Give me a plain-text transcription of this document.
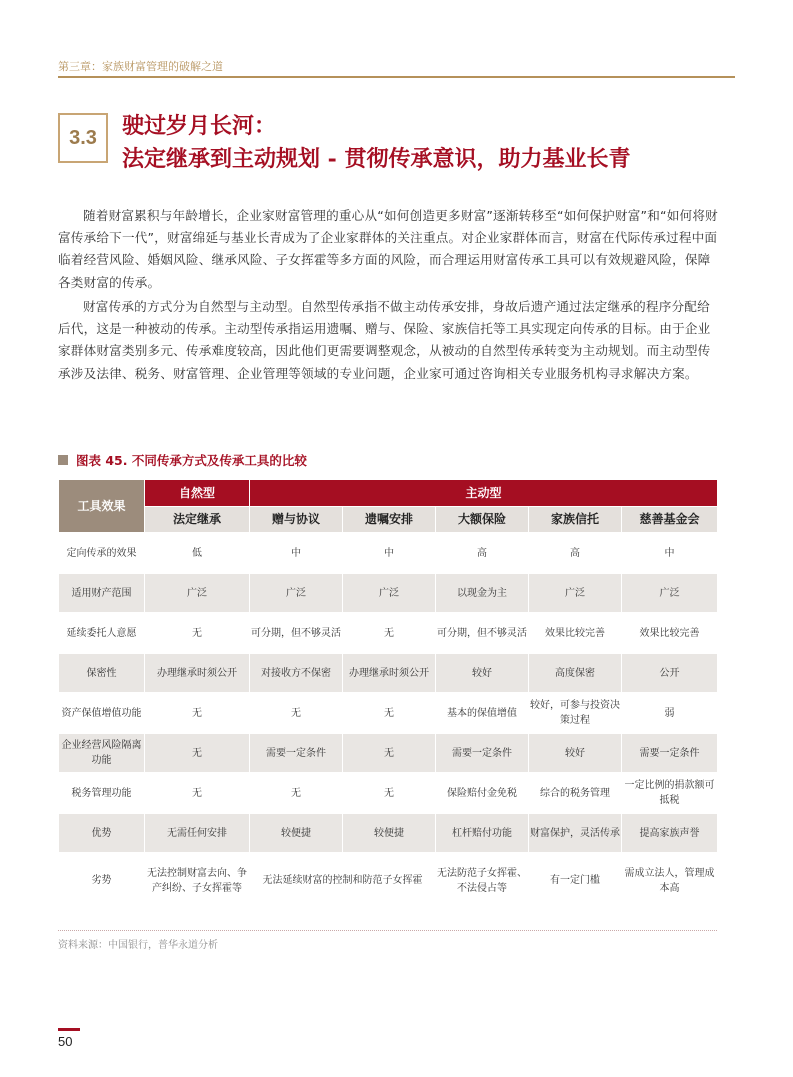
第三章：家族财富管理的破解之道
3.3	驶过岁月长河：
法定继承到主动规划 - 贯彻传承意识，助力基业长青

随着财富累积与年龄增长，企业家财富管理的重心从“如何创造更多财富”逐渐转移至“如何保护财富”和“如何将财富传承给下一代”，财富绵延与基业长青成为了企业家群体的关注重点。对企业家群体而言，财富在代际传承过程中面临着经营风险、婚姻风险、继承风险、子女挥霍等多方面的风险，而合理运用财富传承工具可以有效规避风险，保障各类财富的传承。

财富传承的方式分为自然型与主动型。自然型传承指不做主动传承安排，身故后遗产通过法定继承的程序分配给后代，这是一种被动的传承。主动型传承指运用遗嘱、赠与、保险、家族信托等工具实现定向传承的目标。由于企业家群体财富类别多元、传承难度较高，因此他们更需要调整观念，从被动的自然型传承转变为主动规划。而主动型传承涉及法律、税务、财富管理、企业管理等领域的专业问题，企业家可通过咨询相关专业服务机构寻求解决方案。

图表 45. 不同传承方式及传承工具的比较
工具效果	自然型	主动型				
	法定继承	赠与协议	遗嘱安排	大额保险	家族信托	慈善基金会
定向传承的效果	低	中	中	高	高	中
适用财产范围	广泛	广泛	广泛	以现金为主	广泛	广泛
延续委托人意愿	无	可分期，但不够灵活	无	可分期，但不够灵活	效果比较完善	效果比较完善
保密性	办理继承时须公开	对接收方不保密	办理继承时须公开	较好	高度保密	公开
资产保值增值功能	无	无	无	基本的保值增值	较好，可参与投资决策过程	弱
企业经营风险隔离功能	无	需要一定条件	无	需要一定条件	较好	需要一定条件
税务管理功能	无	无	无	保险赔付金免税	综合的税务管理	一定比例的捐款额可抵税
优势	无需任何安排	较便捷	较便捷	杠杆赔付功能	财富保护，灵活传承	提高家族声誉
劣势	无法控制财富去向、争产纠纷、子女挥霍等	无法延续财富的控制和防范子女挥霍		无法防范子女挥霍、不法侵占等	有一定门槛	需成立法人，管理成本高
资料来源：中国银行，普华永道分析
50
